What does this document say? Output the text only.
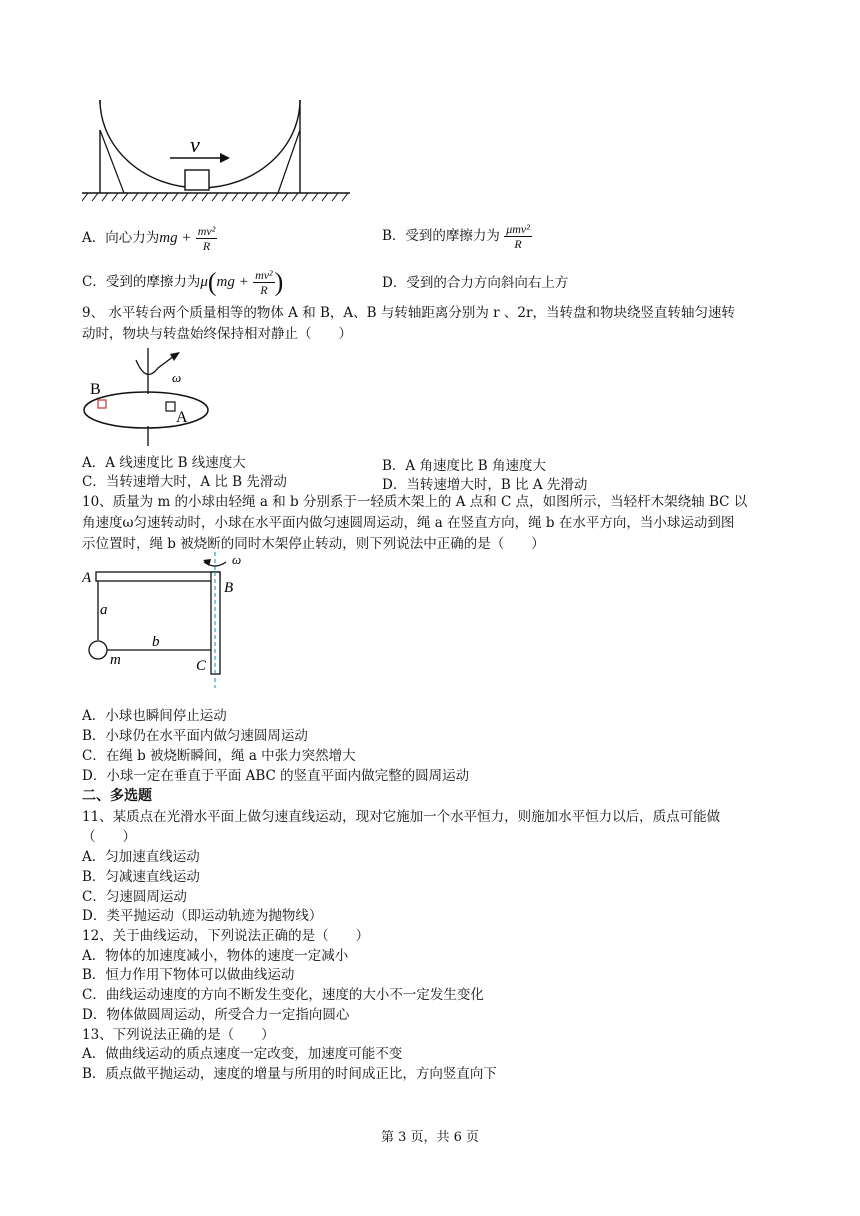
v
A．向心力为mg + $\frac{\text{mv²}}{R}$	B．受到的摩擦力为 $\frac{\text{μmv²}}{R}$
C．受到的摩擦力为$\mu(mg + \frac{\text{mv²}}{R}$ )	D．受到的合力方向斜向右上方
9、 水平转台两个质量相等的物体 A 和 B，A、B 与转轴距离分别为 r 、2r，当转盘和物块绕竖直转轴匀速转
动时，物块与转盘始终保持相对静止（　　）
ω
B
A
A．A 线速度比 B 线速度大	B．A 角速度比 B 角速度大
C．当转速增大时，A 比 B 先滑动	D．当转速增大时，B 比 A 先滑动
10、质量为 m 的小球由轻绳 a 和 b 分别系于一轻质木架上的 A 点和 C 点，如图所示，当轻杆木架绕轴 BC 以
角速度ω匀速转动时，小球在水平面内做匀速圆周运动，绳 a 在竖直方向，绳 b 在水平方向，当小球运动到图
示位置时，绳 b 被烧断的同时木架停止转动，则下列说法中正确的是（　　）
ω
A
B
C
a
b
m
A．小球也瞬间停止运动
B．小球仍在水平面内做匀速圆周运动
C．在绳 b 被烧断瞬间，绳 a 中张力突然增大
D．小球一定在垂直于平面 ABC 的竖直平面内做完整的圆周运动
二、多选题
11、某质点在光滑水平面上做匀速直线运动，现对它施加一个水平恒力，则施加水平恒力以后，质点可能做
（　　）
A．匀加速直线运动
B．匀减速直线运动
C．匀速圆周运动
D．类平抛运动（即运动轨迹为抛物线）
12、关于曲线运动，下列说法正确的是（　　）
A．物体的加速度减小，物体的速度一定减小
B．恒力作用下物体可以做曲线运动
C．曲线运动速度的方向不断发生变化，速度的大小不一定发生变化
D．物体做圆周运动，所受合力一定指向圆心
13、下列说法正确的是（　　）
A．做曲线运动的质点速度一定改变，加速度可能不变
B．质点做平抛运动，速度的增量与所用的时间成正比，方向竖直向下
第 3 页，共 6 页
